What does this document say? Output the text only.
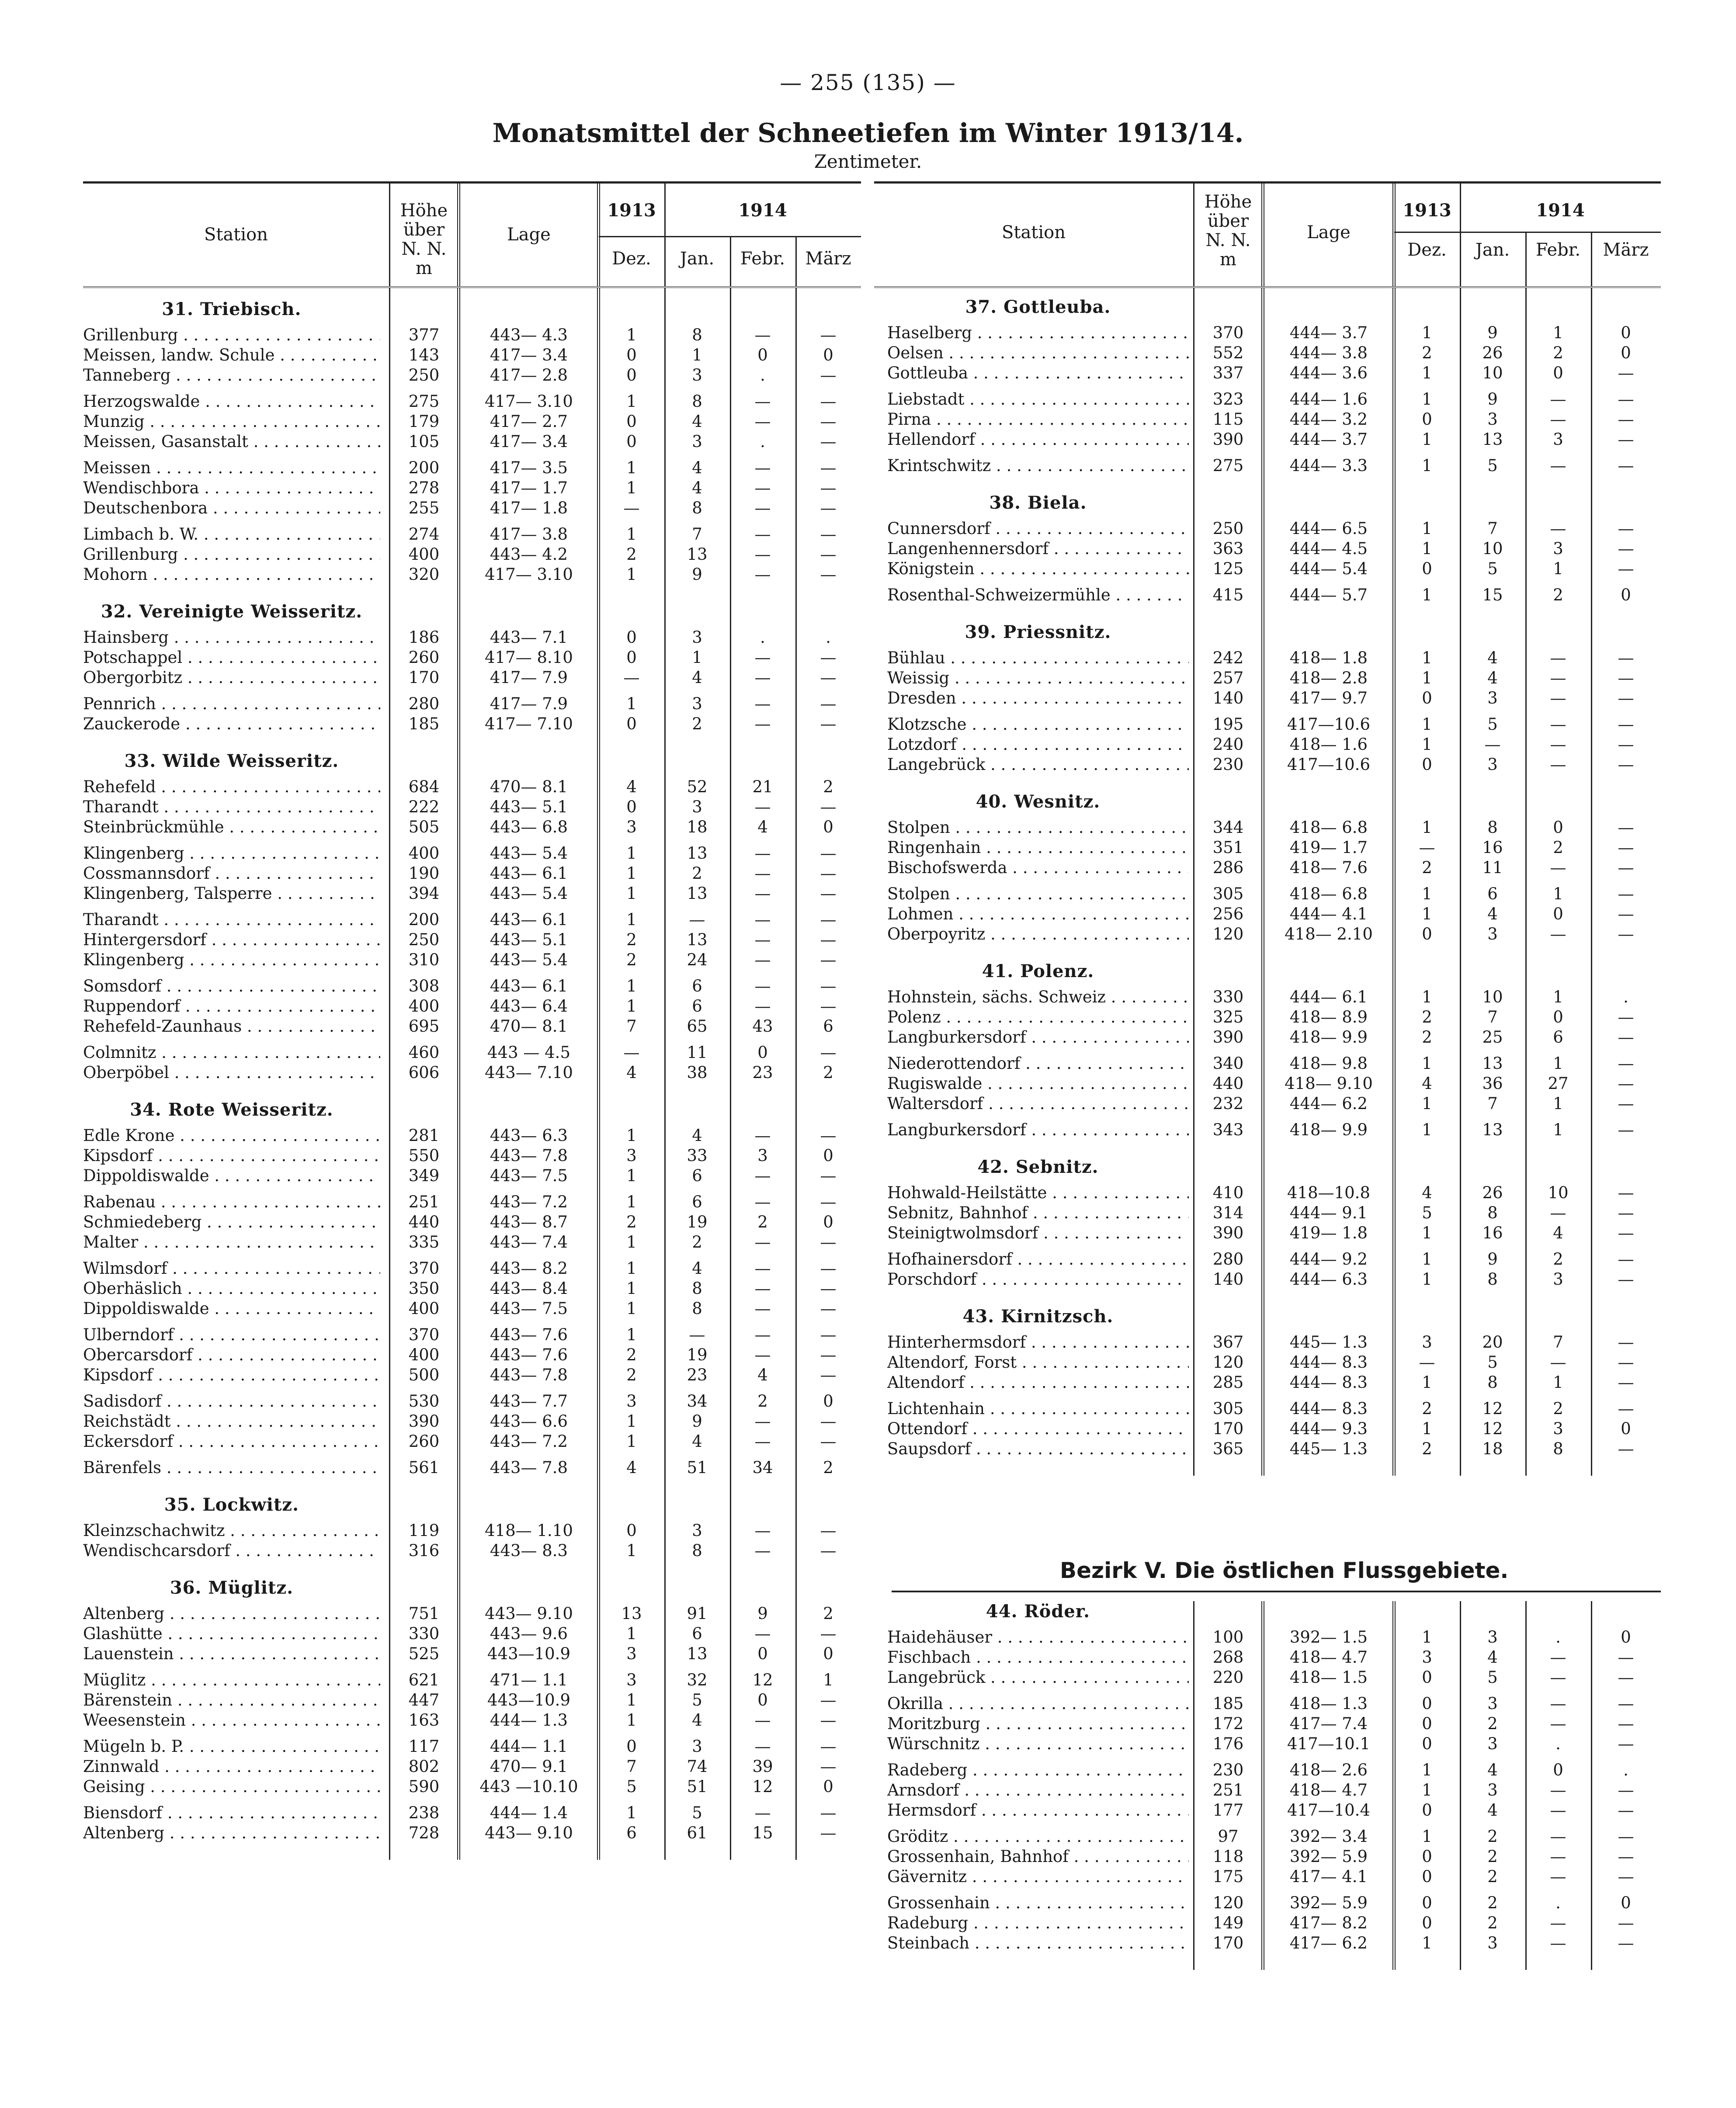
— 255 (135) —
Monatsmittel der Schneetiefen im Winter 1913/14.
Zentimeter.
Station
Höhe
über
N. N.
m
Lage
1913	1914
Dez.	Jan.	Febr.	März
31. Triebisch.
Grillenburg . . .	377	443— 4.3	1	8	—	—
Meissen, landw. Schule . . .	143	417— 3.4	0	1	0	0
Tanneberg . . .	250	417— 2.8	0	3	.	—
Herzogswalde . . .	275	417— 3.10	1	8	—	—
Munzig . . .	179	417— 2.7	0	4	—	—
Meissen, Gasanstalt . . .	105	417— 3.4	0	3	.	—
Meissen . . .	200	417— 3.5	1	4	—	—
Wendischbora . . .	278	417— 1.7	1	4	—	—
Deutschenbora . . .	255	417— 1.8	—	8	—	—
Limbach b. W. . . .	274	417— 3.8	1	7	—	—
Grillenburg . . .	400	443— 4.2	2	13	—	—
Mohorn . . .	320	417— 3.10	1	9	—	—
32. Vereinigte Weisseritz.
Hainsberg . . .	186	443— 7.1	0	3	.	.
Potschappel . . .	260	417— 8.10	0	1	—	—
Obergorbitz . . .	170	417— 7.9	—	4	—	—
Pennrich . . .	280	417— 7.9	1	3	—	—
Zauckerode . . .	185	417— 7.10	0	2	—	—
33. Wilde Weisseritz.
Rehefeld . . .	684	470— 8.1	4	52	21	2
Tharandt . . .	222	443— 5.1	0	3	—	—
Steinbrückmühle . . .	505	443— 6.8	3	18	4	0
Klingenberg . . .	400	443— 5.4	1	13	—	—
Cossmannsdorf . . .	190	443— 6.1	1	2	—	—
Klingenberg, Talsperre . . .	394	443— 5.4	1	13	—	—
Tharandt . . .	200	443— 6.1	1	—	—	—
Hintergersdorf . . .	250	443— 5.1	2	13	—	—
Klingenberg . . .	310	443— 5.4	2	24	—	—
Somsdorf . . .	308	443— 6.1	1	6	—	—
Ruppendorf . . .	400	443— 6.4	1	6	—	—
Rehefeld-Zaunhaus . . .	695	470— 8.1	7	65	43	6
Colmnitz . . .	460	443 — 4.5	—	11	0	—
Oberpöbel . . .	606	443— 7.10	4	38	23	2
34. Rote Weisseritz.
Edle Krone . . .	281	443— 6.3	1	4	—	—
Kipsdorf . . .	550	443— 7.8	3	33	3	0
Dippoldiswalde . . .	349	443— 7.5	1	6	—	—
Rabenau . . .	251	443— 7.2	1	6	—	—
Schmiedeberg . . .	440	443— 8.7	2	19	2	0
Malter . . .	335	443— 7.4	1	2	—	—
Wilmsdorf . . .	370	443— 8.2	1	4	—	—
Oberhäslich . . .	350	443— 8.4	1	8	—	—
Dippoldiswalde . . .	400	443— 7.5	1	8	—	—
Ulberndorf . . .	370	443— 7.6	1	—	—	—
Obercarsdorf . . .	400	443— 7.6	2	19	—	—
Kipsdorf . . .	500	443— 7.8	2	23	4	—
Sadisdorf . . .	530	443— 7.7	3	34	2	0
Reichstädt . . .	390	443— 6.6	1	9	—	—
Eckersdorf . . .	260	443— 7.2	1	4	—	—
Bärenfels . . .	561	443— 7.8	4	51	34	2
35. Lockwitz.
Kleinzschachwitz . . .	119	418— 1.10	0	3	—	—
Wendischcarsdorf . . .	316	443— 8.3	1	8	—	—
36. Müglitz.
Altenberg . . .	751	443— 9.10	13	91	9	2
Glashütte . . .	330	443— 9.6	1	6	—	—
Lauenstein . . .	525	443—10.9	3	13	0	0
Müglitz . . .	621	471— 1.1	3	32	12	1
Bärenstein . . .	447	443—10.9	1	5	0	—
Weesenstein . . .	163	444— 1.3	1	4	—	—
Mügeln b. P. . . .	117	444— 1.1	0	3	—	—
Zinnwald . . .	802	470— 9.1	7	74	39	—
Geising . . .	590	443 —10.10	5	51	12	0
Biensdorf . . .	238	444— 1.4	1	5	—	—
Altenberg . . .	728	443— 9.10	6	61	15	—
Station
Höhe
über
N. N.
m
Lage
1913	1914
Dez.	Jan.	Febr.	März
37. Gottleuba.
Haselberg . . .	370	444— 3.7	1	9	1	0
Oelsen . . .	552	444— 3.8	2	26	2	0
Gottleuba . . .	337	444— 3.6	1	10	0	—
Liebstadt . . .	323	444— 1.6	1	9	—	—
Pirna . . .	115	444— 3.2	0	3	—	—
Hellendorf . . .	390	444— 3.7	1	13	3	—
Krintschwitz . . .	275	444— 3.3	1	5	—	—
38. Biela.
Cunnersdorf . . .	250	444— 6.5	1	7	—	—
Langenhennersdorf . . .	363	444— 4.5	1	10	3	—
Königstein . . .	125	444— 5.4	0	5	1	—
Rosenthal-Schweizermühle . . .	415	444— 5.7	1	15	2	0
39. Priessnitz.
Bühlau . . .	242	418— 1.8	1	4	—	—
Weissig . . .	257	418— 2.8	1	4	—	—
Dresden . . .	140	417— 9.7	0	3	—	—
Klotzsche . . .	195	417—10.6	1	5	—	—
Lotzdorf . . .	240	418— 1.6	1	—	—	—
Langebrück . . .	230	417—10.6	0	3	—	—
40. Wesnitz.
Stolpen . . .	344	418— 6.8	1	8	0	—
Ringenhain . . .	351	419— 1.7	—	16	2	—
Bischofswerda . . .	286	418— 7.6	2	11	—	—
Stolpen . . .	305	418— 6.8	1	6	1	—
Lohmen . . .	256	444— 4.1	1	4	0	—
Oberpoyritz . . .	120	418— 2.10	0	3	—	—
41. Polenz.
Hohnstein, sächs. Schweiz . . .	330	444— 6.1	1	10	1	.
Polenz . . .	325	418— 8.9	2	7	0	—
Langburkersdorf . . .	390	418— 9.9	2	25	6	—
Niederottendorf . . .	340	418— 9.8	1	13	1	—
Rugiswalde . . .	440	418— 9.10	4	36	27	—
Waltersdorf . . .	232	444— 6.2	1	7	1	—
Langburkersdorf . . .	343	418— 9.9	1	13	1	—
42. Sebnitz.
Hohwald-Heilstätte . . .	410	418—10.8	4	26	10	—
Sebnitz, Bahnhof . . .	314	444— 9.1	5	8	—	—
Steinigtwolmsdorf . . .	390	419— 1.8	1	16	4	—
Hofhainersdorf . . .	280	444— 9.2	1	9	2	—
Porschdorf . . .	140	444— 6.3	1	8	3	—
43. Kirnitzsch.
Hinterhermsdorf . . .	367	445— 1.3	3	20	7	—
Altendorf, Forst . . .	120	444— 8.3	—	5	—	—
Altendorf . . .	285	444— 8.3	1	8	1	—
Lichtenhain . . .	305	444— 8.3	2	12	2	—
Ottendorf . . .	170	444— 9.3	1	12	3	0
Saupsdorf . . .	365	445— 1.3	2	18	8	—
44. Röder.
Haidehäuser . . .	100	392— 1.5	1	3	.	0
Fischbach . . .	268	418— 4.7	3	4	—	—
Langebrück . . .	220	418— 1.5	0	5	—	—
Okrilla . . .	185	418— 1.3	0	3	—	—
Moritzburg . . .	172	417— 7.4	0	2	—	—
Würschnitz . . .	176	417—10.1	0	3	.	—
Radeberg . . .	230	418— 2.6	1	4	0	.
Arnsdorf . . .	251	418— 4.7	1	3	—	—
Hermsdorf . . .	177	417—10.4	0	4	—	—
Gröditz . . .	97	392— 3.4	1	2	—	—
Grossenhain, Bahnhof . . .	118	392— 5.9	0	2	—	—
Gävernitz . . .	175	417— 4.1	0	2	—	—
Grossenhain . . .	120	392— 5.9	0	2	.	0
Radeburg . . .	149	417— 8.2	0	2	—	—
Steinbach . . .	170	417— 6.2	1	3	—	—
Bezirk V. Die östlichen Flussgebiete.
